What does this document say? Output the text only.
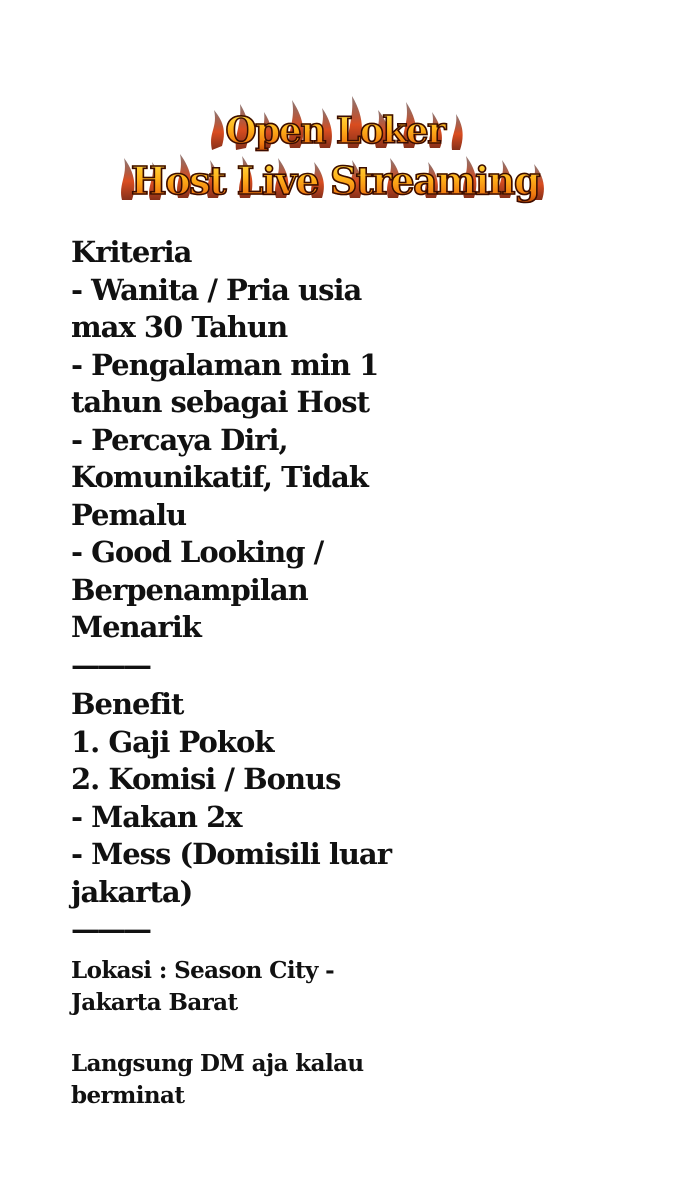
Open Loker
Host Live Streaming

Kriteria

- Wanita / Pria usia

max 30 Tahun

- Pengalaman min 1

tahun sebagai Host

- Percaya Diri,

Komunikatif, Tidak

Pemalu

- Good Looking /

Berpenampilan

Menarik

———

Benefit

1. Gaji Pokok

2. Komisi / Bonus

- Makan 2x

- Mess (Domisili luar

jakarta)

———

Lokasi : Season City -

Jakarta Barat

Langsung DM aja kalau

berminat
